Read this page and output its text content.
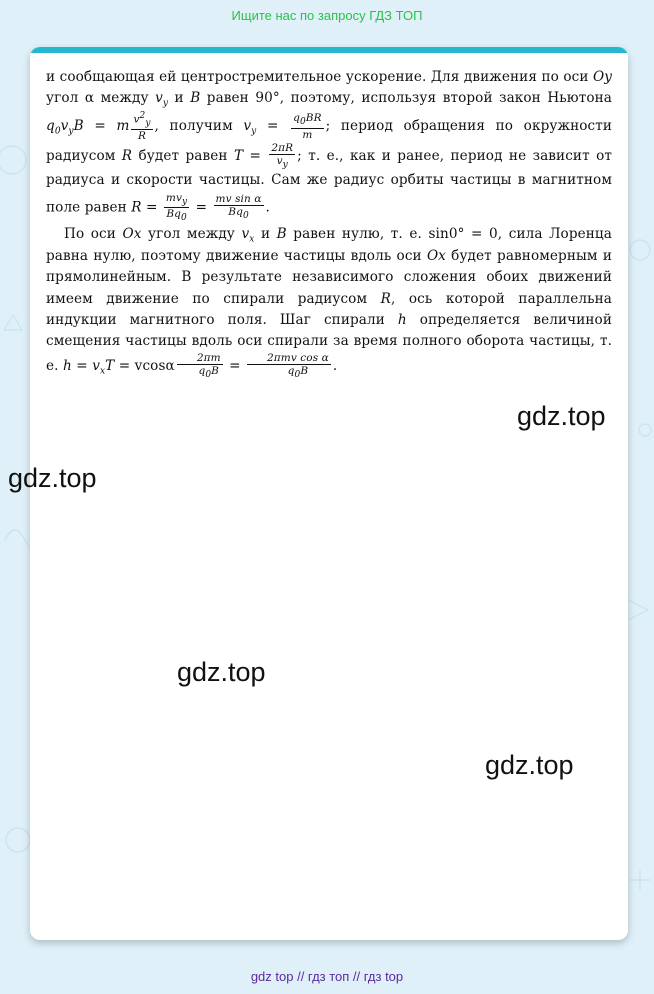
Ищите нас по запросу ГДЗ ТОП

и сообщающая ей центростремительное ускорение. Для движения по оси Oy угол α между $v_y$ и B равен 90°, поэтому, используя второй закон Ньютона $q_0v_yB = m \frac{v^2_y}{R}$ , получим $v_y = \frac{q_0BR}{m}$ ; период обращения по окружности радиусом R будет равен $T = \frac{2\pi R}{v_y}$ ; т. е., как и ранее, период не зависит от радиуса и скорости частицы. Сам же радиус орбиты частицы в магнитном поле равен $R = \frac{mv_y}{Bq_0} = \frac{\text{mv sin α}}{Bq_0}$ .

По оси Ox угол между $v_x$ и B равен нулю, т. е. sin0° = 0, сила Лоренца равна нулю, поэтому движение частицы вдоль оси Ox будет равномерным и прямолинейным. В результате независимого сложения обоих движений имеем движение по спирали радиусом R, ось которой параллельна индукции магнитного поля. Шаг спирали h определяется величиной смещения частицы вдоль оси спирали за время полного оборота частицы, т. е. $h = v_xT = vcos\alpha \frac{2\pi m}{q_0B} = \frac{\text{2πmv cos α}}{q_0B}$ .

gdz.top
gdz.top
gdz.top
gdz.top
gdz top // гдз топ // гдз top
